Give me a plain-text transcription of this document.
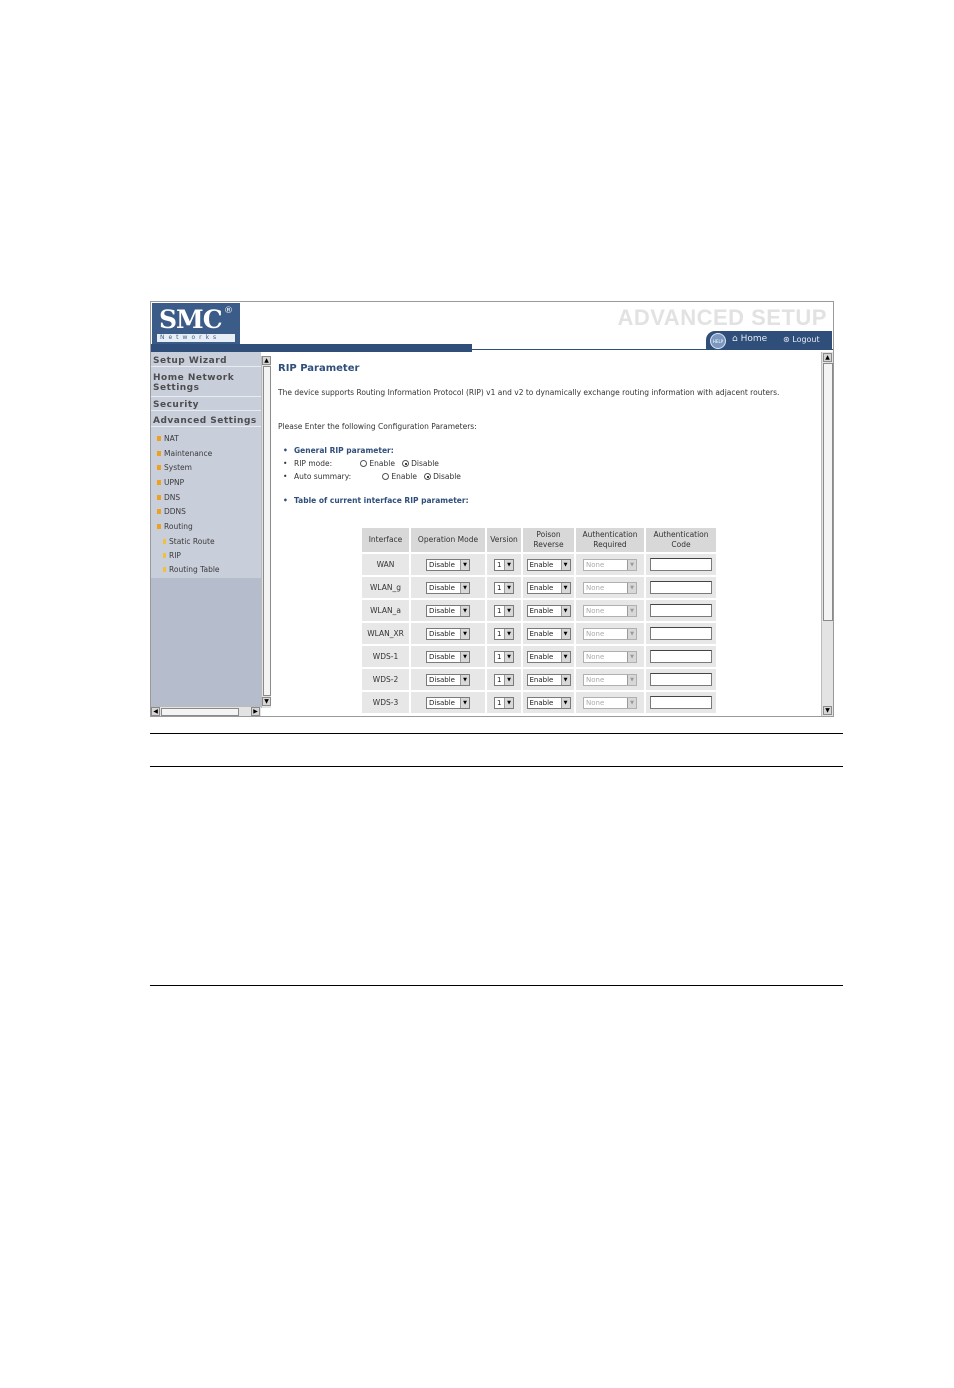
SMC ®
Networks
ADVANCED SETUP
HELP ⌂ Home ⊛ Logout
Setup Wizard
Home Network Settings
Security
Advanced Settings
NAT
Maintenance
System
UPNP
DNS
DDNS
Routing
Static Route
RIP
Routing Table
▲
▼
◀	▶
RIP Parameter
The device supports Routing Information Protocol (RIP) v1 and v2 to dynamically exchange routing information with adjacent routers.
Please Enter the following Configuration Parameters:
• General RIP parameter:
• RIP mode:	Enable Disable
• Auto summary:	Enable Disable
• Table of current interface RIP parameter:
Interface	Operation Mode	Version	Poison Reverse	Authentication Required	Authentication Code
WAN	Disable ▼	1 ▼	Enable ▼	None ▼	

WLAN_g	Disable ▼	1 ▼	Enable ▼	None ▼	

WLAN_a	Disable ▼	1 ▼	Enable ▼	None ▼	

WLAN_XR	Disable ▼	1 ▼	Enable ▼	None ▼	

WDS-1	Disable ▼	1 ▼	Enable ▼	None ▼	

WDS-2	Disable ▼	1 ▼	Enable ▼	None ▼	

WDS-3	Disable ▼	1 ▼	Enable ▼	None ▼	

▲
▼
